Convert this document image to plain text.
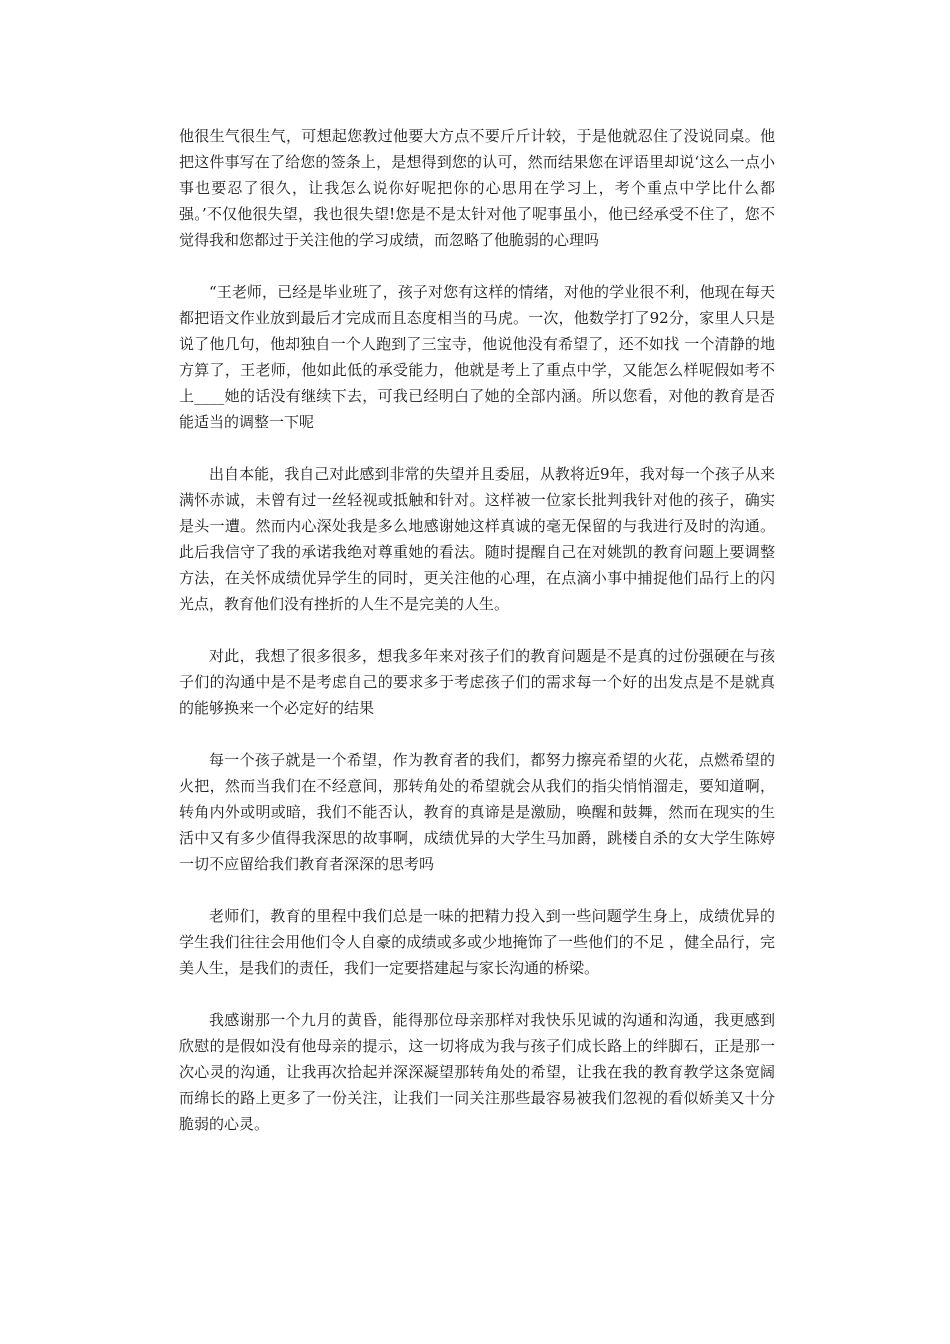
他很生气很生气，可想起您教过他要大方点不要斤斤计较，于是他就忍住了没说同桌。他把这件事写在了给您的签条上，是想得到您的认可，然而结果您在评语里却说‘这么一点小事也要忍了很久，让我怎么说你好呢把你的心思用在学习上，考个重点中学比什么都强。’不仅他很失望，我也很失望!您是不是太针对他了呢事虽小，他已经承受不住了，您不觉得我和您都过于关注他的学习成绩，而忽略了他脆弱的心理吗

“王老师，已经是毕业班了，孩子对您有这样的情绪，对他的学业很不利，他现在每天都把语文作业放到最后才完成而且态度相当的马虎。一次，他数学打了92分，家里人只是说了他几句，他却独自一个人跑到了三宝寺，他说他没有希望了，还不如找 一个清静的地方算了，王老师，他如此低的承受能力，他就是考上了重点中学，又能怎么样呢假如考不上____她的话没有继续下去，可我已经明白了她的全部内涵。所以您看，对他的教育是否能适当的调整一下呢

出自本能，我自己对此感到非常的失望并且委屈，从教将近9年，我对每一个孩子从来满怀赤诚，未曾有过一丝轻视或抵触和针对。这样被一位家长批判我针对他的孩子，确实是头一遭。然而内心深处我是多么地感谢她这样真诚的毫无保留的与我进行及时的沟通。此后我信守了我的承诺我绝对尊重她的看法。随时提醒自己在对姚凯的教育问题上要调整方法，在关怀成绩优异学生的同时，更关注他的心理，在点滴小事中捕捉他们品行上的闪光点，教育他们没有挫折的人生不是完美的人生。

对此，我想了很多很多，想我多年来对孩子们的教育问题是不是真的过份强硬在与孩子们的沟通中是不是考虑自己的要求多于考虑孩子们的需求每一个好的出发点是不是就真的能够换来一个必定好的结果

每一个孩子就是一个希望，作为教育者的我们，都努力擦亮希望的火花，点燃希望的火把，然而当我们在不经意间，那转角处的希望就会从我们的指尖悄悄溜走，要知道啊，转角内外或明或暗，我们不能否认，教育的真谛是是激励，唤醒和鼓舞，然而在现实的生活中又有多少值得我深思的故事啊，成绩优异的大学生马加爵，跳楼自杀的女大学生陈婷 一切不应留给我们教育者深深的思考吗

老师们，教育的里程中我们总是一味的把精力投入到一些问题学生身上，成绩优异的学生我们往往会用他们令人自豪的成绩或多或少地掩饰了一些他们的不足 ，健全品行，完美人生，是我们的责任，我们一定要搭建起与家长沟通的桥梁。

我感谢那一个九月的黄昏，能得那位母亲那样对我快乐见诚的沟通和沟通，我更感到欣慰的是假如没有他母亲的提示，这一切将成为我与孩子们成长路上的绊脚石，正是那一次心灵的沟通，让我再次拾起并深深凝望那转角处的希望，让我在我的教育教学这条宽阔而绵长的路上更多了一份关注，让我们一同关注那些最容易被我们忽视的看似娇美又十分脆弱的心灵。
